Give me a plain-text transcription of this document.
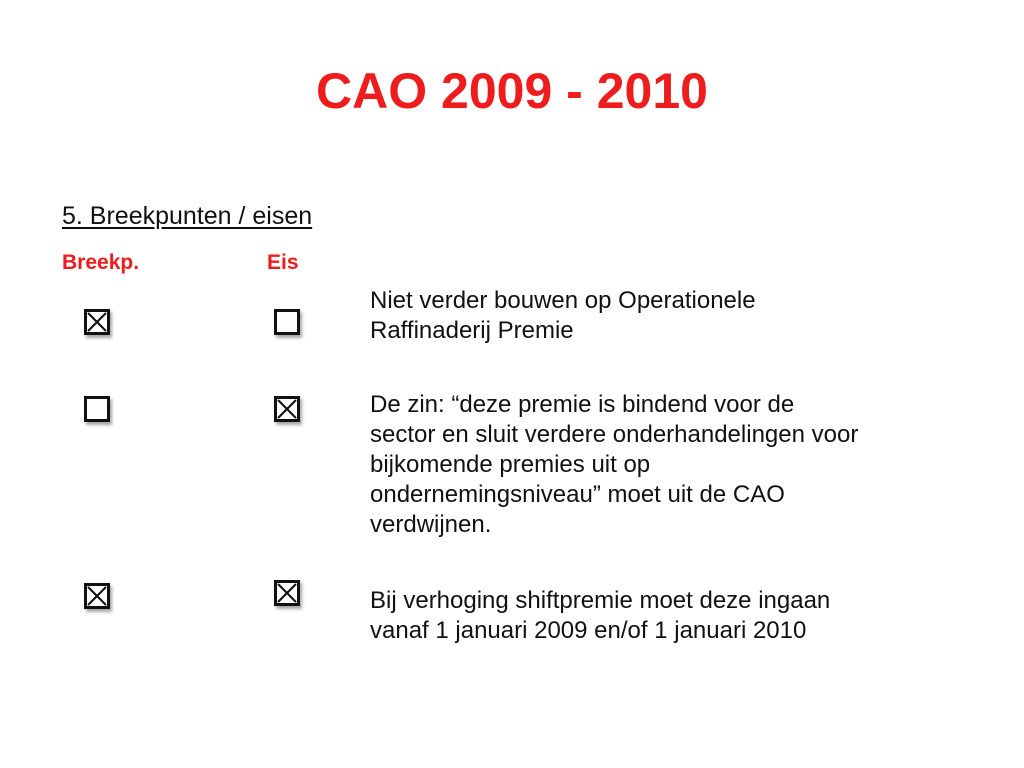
CAO 2009 - 2010
5. Breekpunten / eisen
Breekp.	Eis
Niet verder bouwen op Operationele
Raffinaderij Premie
De zin: “deze premie is bindend voor de
sector en sluit verdere onderhandelingen voor
bijkomende premies uit op
ondernemingsniveau” moet uit de CAO
verdwijnen.
Bij verhoging shiftpremie moet deze ingaan
vanaf 1 januari 2009 en/of 1 januari 2010
